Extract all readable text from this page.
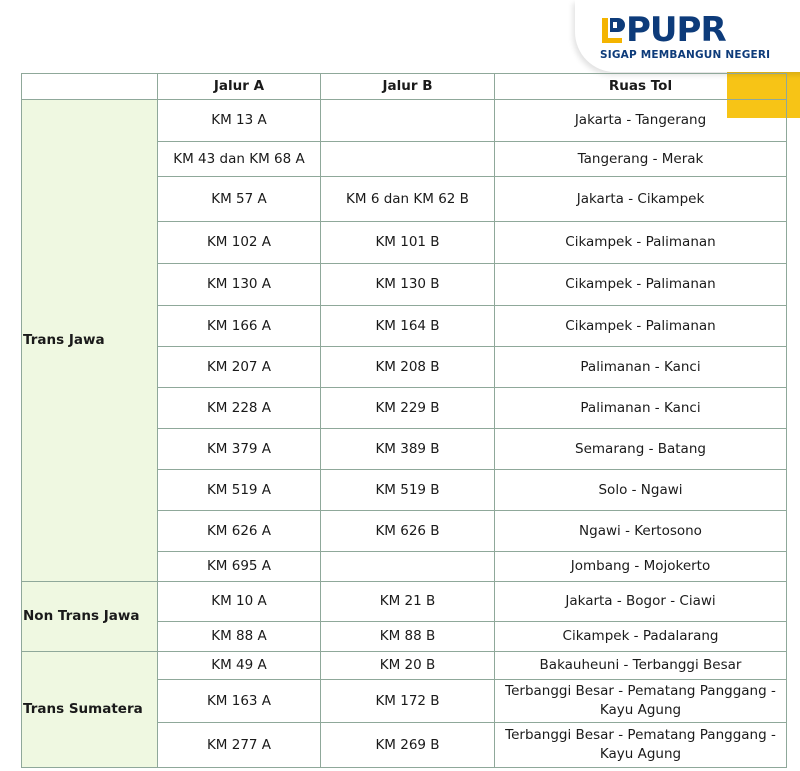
PUPR
SIGAP MEMBANGUN NEGERI
	Jalur A	Jalur B	Ruas Tol
Trans Jawa	KM 13 A		Jakarta - Tangerang
	KM 43 dan KM 68 A		Tangerang - Merak
	KM 57 A	KM 6 dan KM 62 B	Jakarta - Cikampek
	KM 102 A	KM 101 B	Cikampek - Palimanan
	KM 130 A	KM 130 B	Cikampek - Palimanan
	KM 166 A	KM 164 B	Cikampek - Palimanan
	KM 207 A	KM 208 B	Palimanan - Kanci
	KM 228 A	KM 229 B	Palimanan - Kanci
	KM 379 A	KM 389 B	Semarang - Batang
	KM 519 A	KM 519 B	Solo - Ngawi
	KM 626 A	KM 626 B	Ngawi - Kertosono
	KM 695 A		Jombang - Mojokerto
Non Trans Jawa	KM 10 A	KM 21 B	Jakarta - Bogor - Ciawi
	KM 88 A	KM 88 B	Cikampek - Padalarang
Trans Sumatera	KM 49 A	KM 20 B	Bakauheuni - Terbanggi Besar
	KM 163 A	KM 172 B	Terbanggi Besar - Pematang Panggang - Kayu Agung
	KM 277 A	KM 269 B	Terbanggi Besar - Pematang Panggang - Kayu Agung
